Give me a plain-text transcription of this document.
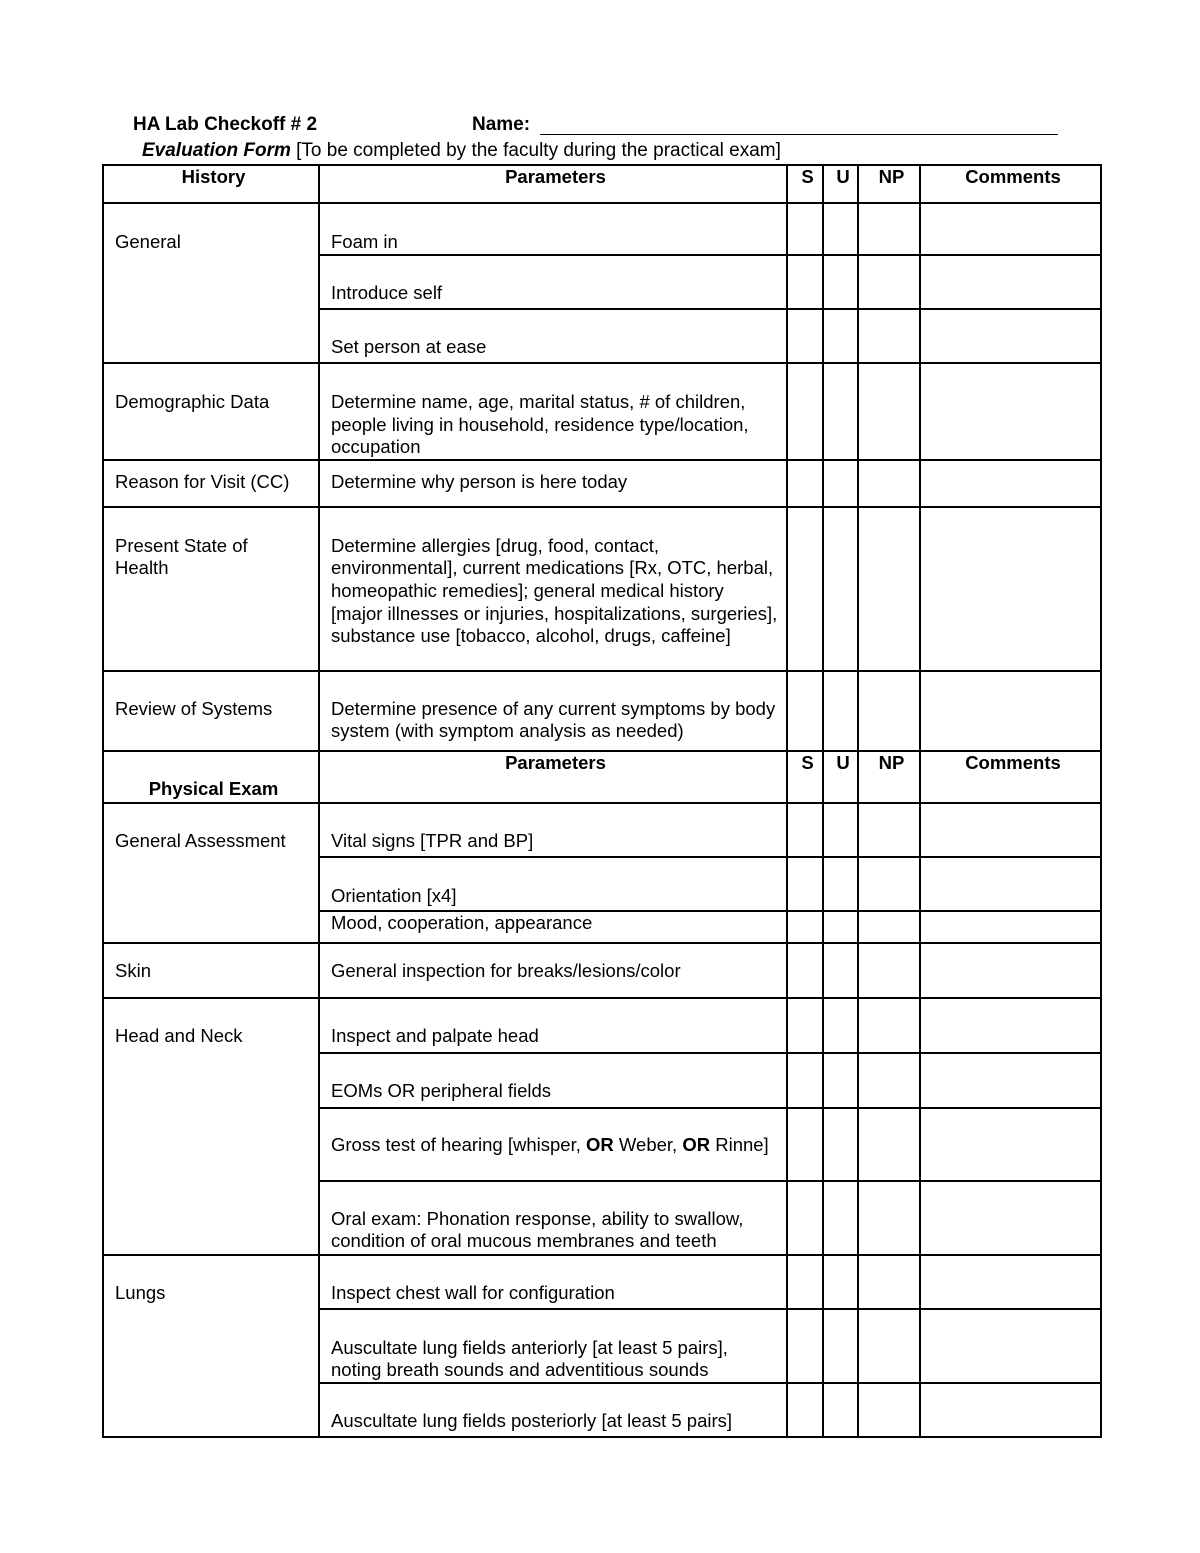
HA Lab Checkoff # 2	Name:
Evaluation Form [To be completed by the faculty during the practical exam]
History	Parameters	S	U	NP	Comments
General	Foam in				
	Introduce self				
	Set person at ease				
Demographic Data	Determine name, age, marital status, # of children, people living in household, residence type/location, occupation				
Reason for Visit (CC)	Determine why person is here today				
Present State of Health	Determine allergies [drug, food, contact, environmental], current medications [Rx, OTC, herbal, homeopathic remedies]; general medical history [major illnesses or injuries, hospitalizations, surgeries], substance use [tobacco, alcohol, drugs, caffeine]				
Review of Systems	Determine presence of any current symptoms by body system (with symptom analysis as needed)				
Physical Exam	Parameters	S	U	NP	Comments
General Assessment	Vital signs [TPR and BP]				
	Orientation [x4]				
	Mood, cooperation, appearance				
Skin	General inspection for breaks/lesions/color				
Head and Neck	Inspect and palpate head				
	EOMs OR peripheral fields				
	Gross test of hearing [whisper, OR Weber, OR Rinne]				
	Oral exam: Phonation response, ability to swallow, condition of oral mucous membranes and teeth				
Lungs	Inspect chest wall for configuration				
	Auscultate lung fields anteriorly [at least 5 pairs], noting breath sounds and adventitious sounds				
	Auscultate lung fields posteriorly [at least 5 pairs]				
